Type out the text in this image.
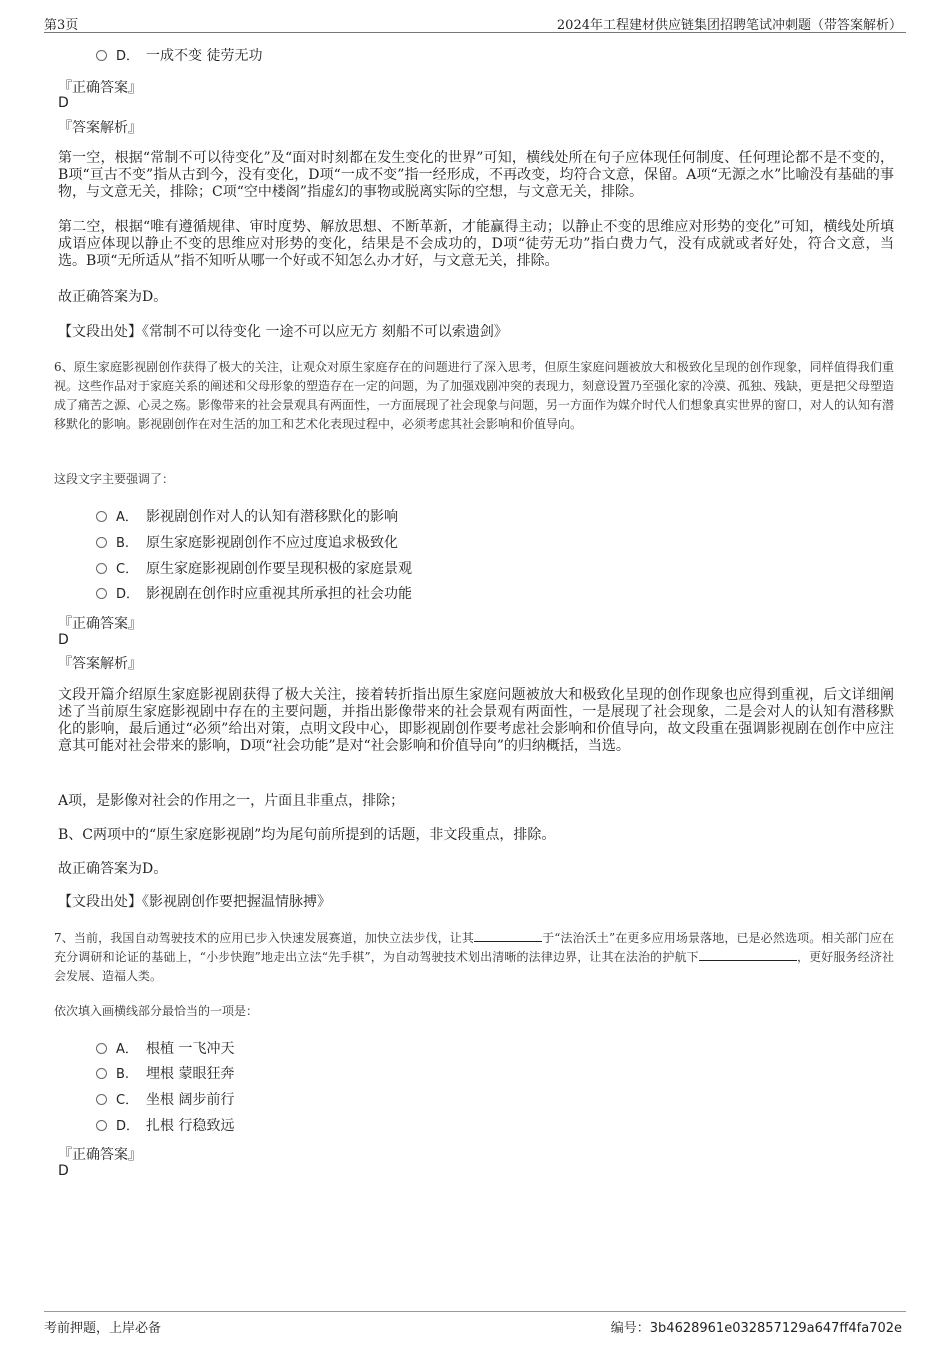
第3页	2024年工程建材供应链集团招聘笔试冲刺题（带答案解析）
D． 一成不变 徒劳无功
『正确答案』
D
『答案解析』
第一空，根据“常制不可以待变化”及“面对时刻都在发生变化的世界”可知，横线处所在句子应体现任何制度、任何理论都不是不变的，B项“亘古不变”指从古到今，没有变化，D项“一成不变”指一经形成，不再改变，均符合文意，保留。A项“无源之水”比喻没有基础的事物，与文意无关，排除；C项“空中楼阁”指虚幻的事物或脱离实际的空想，与文意无关，排除。
第二空，根据“唯有遵循规律、审时度势、解放思想、不断革新，才能赢得主动；以静止不变的思维应对形势的变化”可知，横线处所填成语应体现以静止不变的思维应对形势的变化，结果是不会成功的，D项“徒劳无功”指白费力气，没有成就或者好处，符合文意，当选。B项“无所适从”指不知听从哪一个好或不知怎么办才好，与文意无关，排除。
故正确答案为D。
【文段出处】《常制不可以待变化 一途不可以应无方 刻船不可以索遗剑》
6、原生家庭影视剧创作获得了极大的关注，让观众对原生家庭存在的问题进行了深入思考，但原生家庭问题被放大和极致化呈现的创作现象，同样值得我们重视。这些作品对于家庭关系的阐述和父母形象的塑造存在一定的问题，为了加强戏剧冲突的表现力，刻意设置乃至强化家的冷漠、孤独、残缺，更是把父母塑造成了痛苦之源、心灵之殇。影像带来的社会景观具有两面性，一方面展现了社会现象与问题，另一方面作为媒介时代人们想象真实世界的窗口，对人的认知有潜移默化的影响。影视剧创作在对生活的加工和艺术化表现过程中，必须考虑其社会影响和价值导向。
这段文字主要强调了：
A． 影视剧创作对人的认知有潜移默化的影响
B. 原生家庭影视剧创作不应过度追求极致化
C． 原生家庭影视剧创作要呈现积极的家庭景观
D． 影视剧在创作时应重视其所承担的社会功能
『正确答案』
D
『答案解析』
文段开篇介绍原生家庭影视剧获得了极大关注，接着转折指出原生家庭问题被放大和极致化呈现的创作现象也应得到重视，后文详细阐述了当前原生家庭影视剧中存在的主要问题，并指出影像带来的社会景观有两面性，一是展现了社会现象，二是会对人的认知有潜移默化的影响，最后通过“必须”给出对策，点明文段中心，即影视剧创作要考虑社会影响和价值导向，故文段重在强调影视剧在创作中应注意其可能对社会带来的影响，D项“社会功能”是对“社会影响和价值导向”的归纳概括，当选。
A项，是影像对社会的作用之一，片面且非重点，排除；
B、C两项中的“原生家庭影视剧”均为尾句前所提到的话题，非文段重点，排除。
故正确答案为D。
【文段出处】《影视剧创作要把握温情脉搏》
7、当前，我国自动驾驶技术的应用已步入快速发展赛道，加快立法步伐，让其	于“法治沃土”在更多应用场景落地，已是必然选项。相关部门应在充分调研和论证的基础上，“小步快跑”地走出立法“先手棋”，为自动驾驶技术划出清晰的法律边界，让其在法治的护航下	，更好服务经济社会发展、造福人类。
依次填入画横线部分最恰当的一项是：
A． 根植 一飞冲天
B. 埋根 蒙眼狂奔
C． 坐根 阔步前行
D． 扎根 行稳致远
『正确答案』
D
考前押题，上岸必备	编号：3b4628961e032857129a647ff4fa702e
